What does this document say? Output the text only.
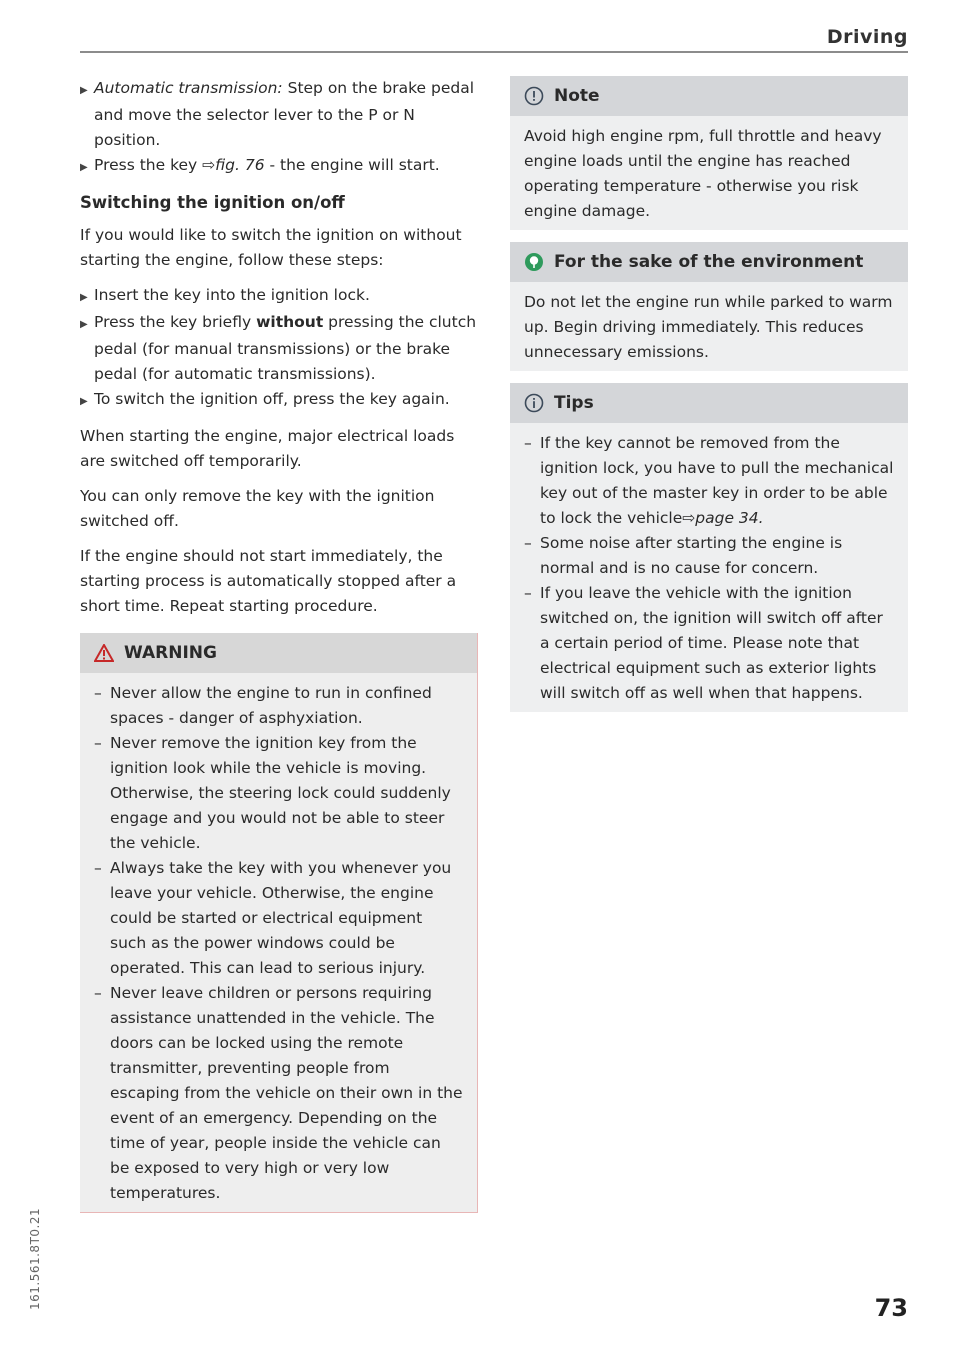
Driving

▶ Automatic transmission: Step on the brake pedal and move the selector lever to the P or N position.

▶ Press the key ⇨fig. 76 - the engine will start.

Switching the ignition on/off

If you would like to switch the ignition on without starting the engine, follow these steps:

▶ Insert the key into the ignition lock.

▶ Press the key briefly without pressing the clutch pedal (for manual transmissions) or the brake pedal (for automatic transmissions).

▶ To switch the ignition off, press the key again.

When starting the engine, major electrical loads are switched off temporarily.

You can only remove the key with the ignition switched off.

If the engine should not start immediately, the starting process is automatically stopped after a short time. Repeat starting procedure.

WARNING

– Never allow the engine to run in confined spaces - danger of asphyxiation.

– Never remove the ignition key from the ignition look while the vehicle is moving. Otherwise, the steering lock could suddenly engage and you would not be able to steer the vehicle.

– Always take the key with you whenever you leave your vehicle. Otherwise, the engine could be started or electrical equipment such as the power windows could be operated. This can lead to serious injury.

– Never leave children or persons requiring assistance unattended in the vehicle. The doors can be locked using the remote transmitter, preventing people from escaping from the vehicle on their own in the event of an emergency. Depending on the time of year, people inside the vehicle can be exposed to very high or very low temperatures.

Note

Avoid high engine rpm, full throttle and heavy engine loads until the engine has reached operating temperature - otherwise you risk engine damage.

For the sake of the environment

Do not let the engine run while parked to warm up. Begin driving immediately. This reduces unnecessary emissions.

Tips

– If the key cannot be removed from the ignition lock, you have to pull the mechanical key out of the master key in order to be able to lock the vehicle⇨page 34.

– Some noise after starting the engine is normal and is no cause for concern.

– If you leave the vehicle with the ignition switched on, the ignition will switch off after a certain period of time. Please note that electrical equipment such as exterior lights will switch off as well when that happens.

161.561.8T0.21	73
